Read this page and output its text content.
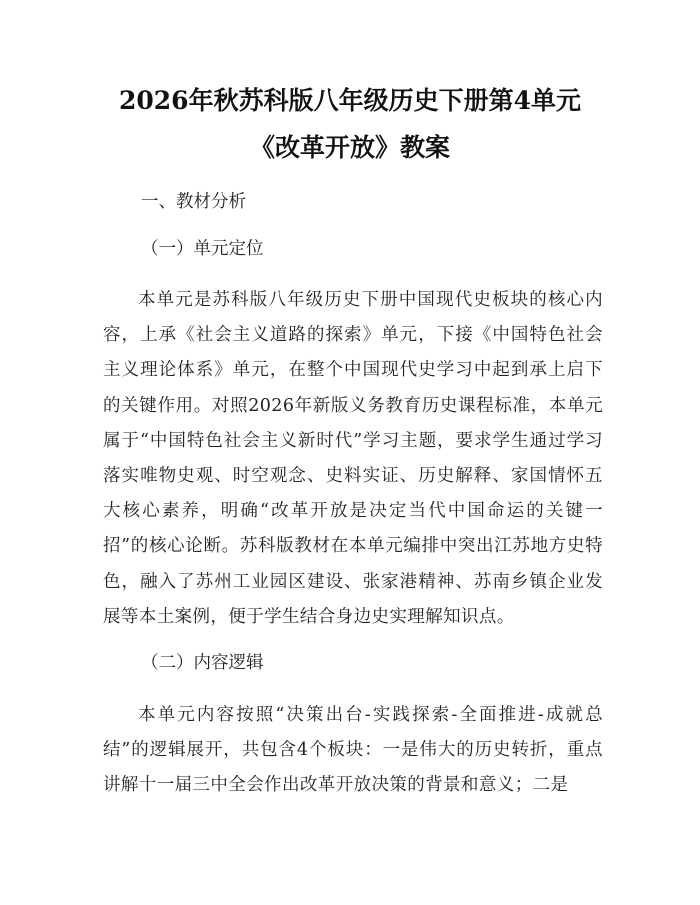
2026年秋苏科版八年级历史下册第4单元
《改革开放》教案
一、教材分析
（一）单元定位

本单元是苏科版八年级历史下册中国现代史板块的核心内容，上承《社会主义道路的探索》单元，下接《中国特色社会主义理论体系》单元，在整个中国现代史学习中起到承上启下的关键作用。对照2026年新版义务教育历史课程标准，本单元属于“中国特色社会主义新时代”学习主题，要求学生通过学习落实唯物史观、时空观念、史料实证、历史解释、家国情怀五大核心素养，明确“改革开放是决定当代中国命运的关键一招”的核心论断。苏科版教材在本单元编排中突出江苏地方史特色，融入了苏州工业园区建设、张家港精神、苏南乡镇企业发展等本土案例，便于学生结合身边史实理解知识点。

（二）内容逻辑

本单元内容按照“决策出台-实践探索-全面推进-成就总结”的逻辑展开，共包含4个板块：一是伟大的历史转折，重点讲解十一届三中全会作出改革开放决策的背景和意义；二是
